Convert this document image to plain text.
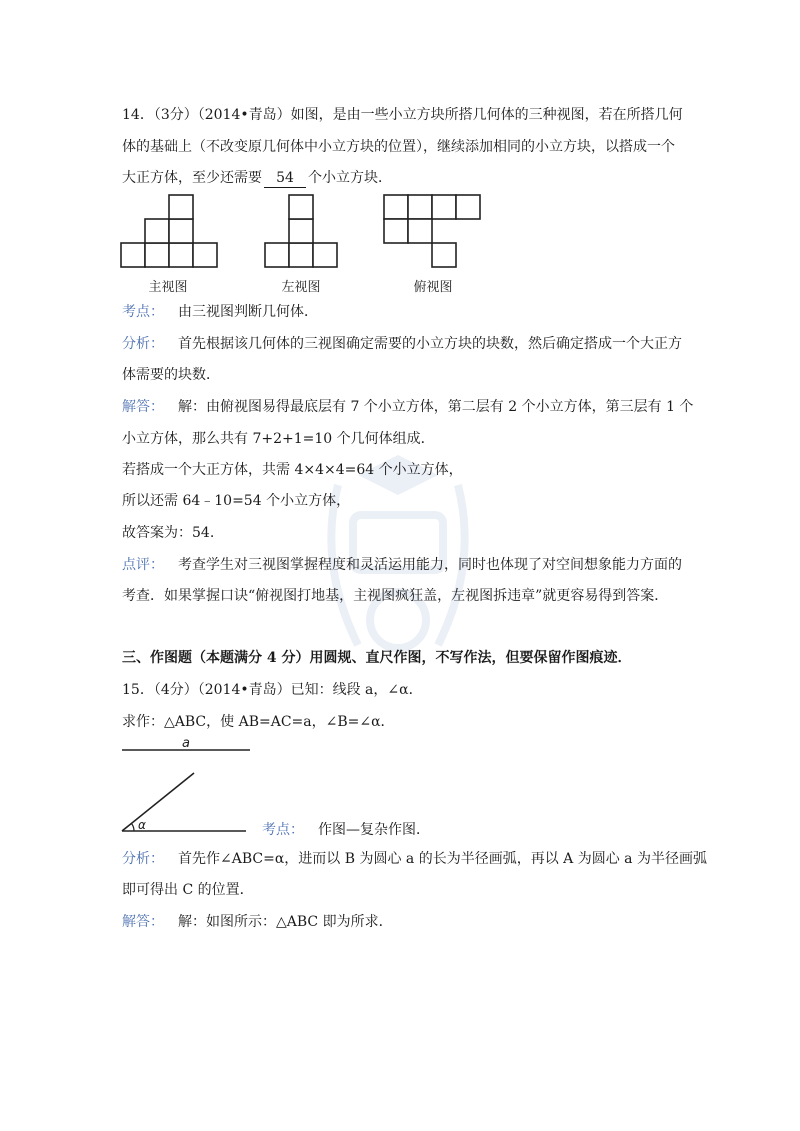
14．（3分）（2014•青岛）如图，是由一些小立方块所搭几何体的三种视图，若在所搭几何
体的基础上（不改变原几何体中小立方块的位置），继续添加相同的小立方块，以搭成一个
大正方体，至少还需要 54 个小立方块．
主视图	左视图	俯视图
考点： 由三视图判断几何体．
分析： 首先根据该几何体的三视图确定需要的小立方块的块数，然后确定搭成一个大正方
体需要的块数．
解答： 解：由俯视图易得最底层有 7 个小立方体，第二层有 2 个小立方体，第三层有 1 个
小立方体，那么共有 7+2+1=10 个几何体组成．
若搭成一个大正方体，共需 4×4×4=64 个小立方体，
所以还需 64﹣10=54 个小立方体，
故答案为：54.
点评： 考查学生对三视图掌握程度和灵活运用能力，同时也体现了对空间想象能力方面的
考查．如果掌握口诀“俯视图打地基，主视图疯狂盖，左视图拆违章”就更容易得到答案．
三、作图题（本题满分 4 分）用圆规、直尺作图，不写作法，但要保留作图痕迹．
15．（4分）（2014•青岛）已知：线段 a，∠α．
求作：△ABC，使 AB=AC=a，∠B=∠α．
a
α	考点： 作图—复杂作图．
分析： 首先作∠ABC=α，进而以 B 为圆心 a 的长为半径画弧，再以 A 为圆心 a 为半径画弧
即可得出 C 的位置．
解答： 解：如图所示：△ABC 即为所求．
